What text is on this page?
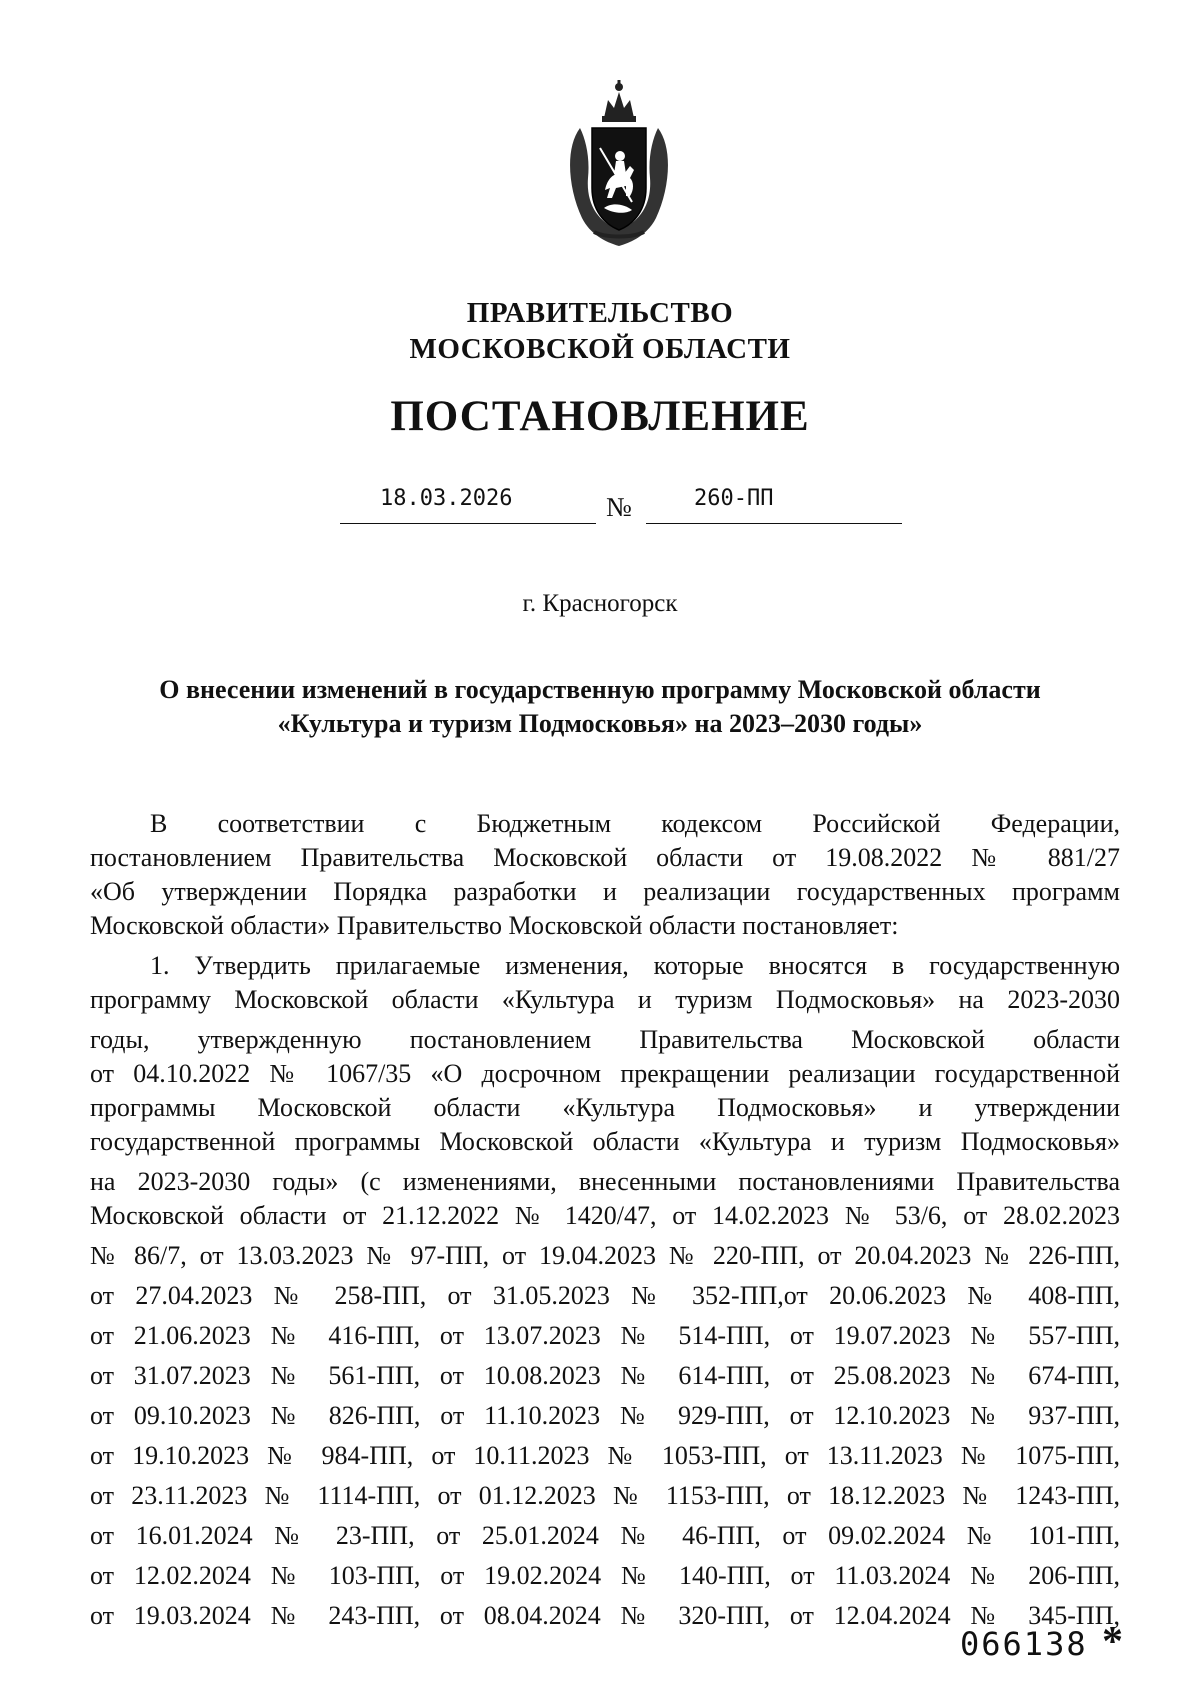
ПРАВИТЕЛЬСТВО
МОСКОВСКОЙ ОБЛАСТИ
ПОСТАНОВЛЕНИЕ
18.03.2026	№	260-ПП
г. Красногорск
О внесении изменений в государственную программу Московской области
«Культура и туризм Подмосковья» на 2023–2030 годы»
В соответствии с Бюджетным кодексом Российской Федерации,
постановлением Правительства Московской области от 19.08.2022 № 881/27
«Об утверждении Порядка разработки и реализации государственных программ
Московской области» Правительство Московской области постановляет:
1. Утвердить прилагаемые изменения, которые вносятся в государственную
программу Московской области «Культура и туризм Подмосковья» на 2023-2030
годы, утвержденную постановлением Правительства Московской области
от 04.10.2022 № 1067/35 «О досрочном прекращении реализации государственной
программы Московской области «Культура Подмосковья» и утверждении
государственной программы Московской области «Культура и туризм Подмосковья»
на 2023-2030 годы» (с изменениями, внесенными постановлениями Правительства
Московской области от 21.12.2022 № 1420/47, от 14.02.2023 № 53/6, от 28.02.2023
№ 86/7, от 13.03.2023 № 97-ПП, от 19.04.2023 № 220-ПП, от 20.04.2023 № 226-ПП,
от 27.04.2023 № 258-ПП, от 31.05.2023 № 352-ПП,от 20.06.2023 № 408-ПП,
от 21.06.2023 № 416-ПП, от 13.07.2023 № 514-ПП, от 19.07.2023 № 557-ПП,
от 31.07.2023 № 561-ПП, от 10.08.2023 № 614-ПП, от 25.08.2023 № 674-ПП,
от 09.10.2023 № 826-ПП, от 11.10.2023 № 929-ПП, от 12.10.2023 № 937-ПП,
от 19.10.2023 № 984-ПП, от 10.11.2023 № 1053-ПП, от 13.11.2023 № 1075-ПП,
от 23.11.2023 № 1114-ПП, от 01.12.2023 № 1153-ПП, от 18.12.2023 № 1243-ПП,
от 16.01.2024 № 23-ПП, от 25.01.2024 № 46-ПП, от 09.02.2024 № 101-ПП,
от 12.02.2024 № 103-ПП, от 19.02.2024 № 140-ПП, от 11.03.2024 № 206-ПП,
от 19.03.2024 № 243-ПП, от 08.04.2024 № 320-ПП, от 12.04.2024 № 345-ПП,
066138 *
